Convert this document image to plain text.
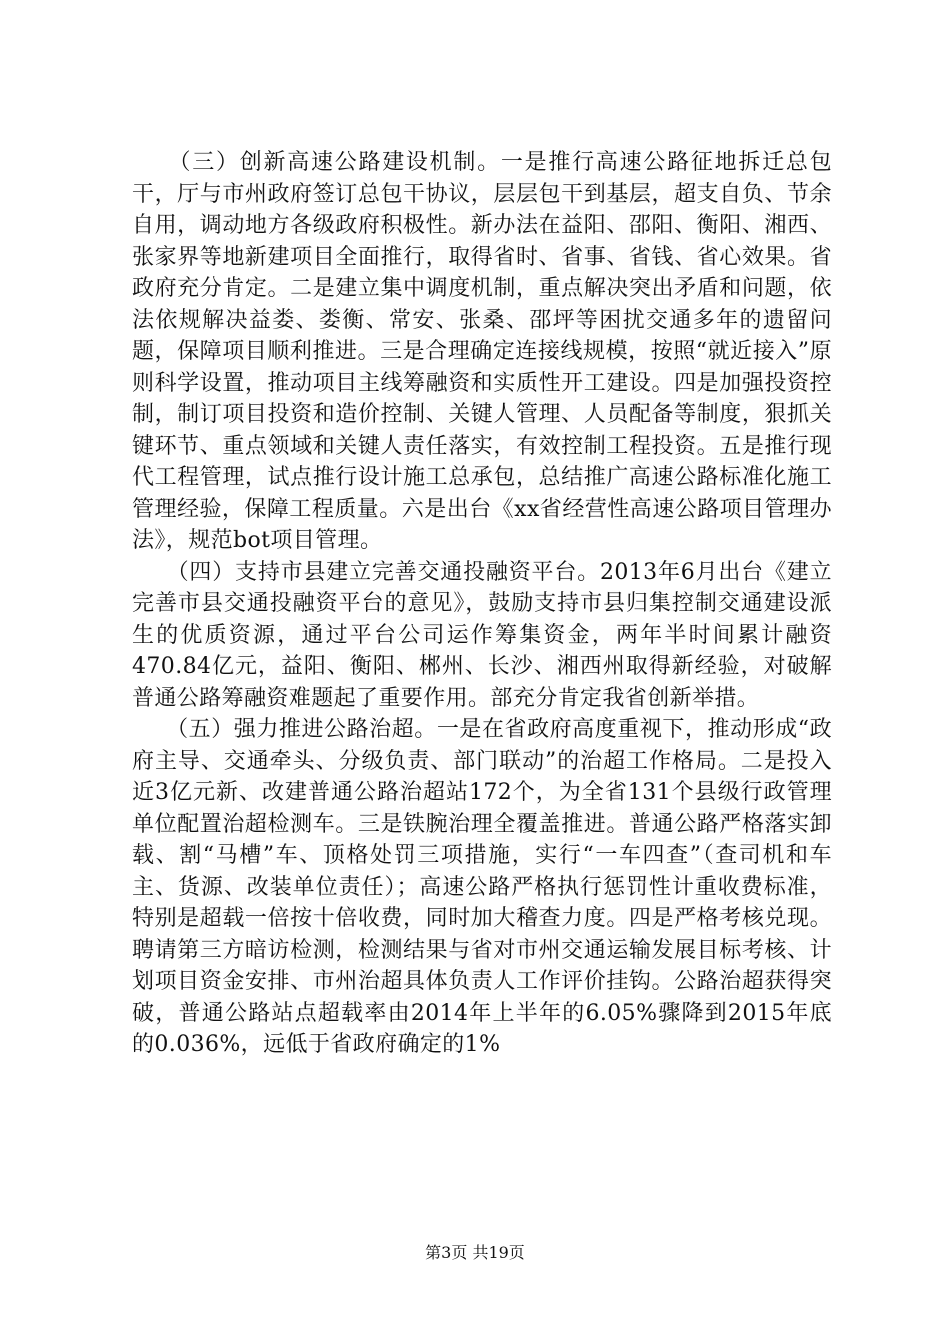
　　（三）创新高速公路建设机制。一是推行高速公路征地拆迁总包干，厅与市州政府签订总包干协议，层层包干到基层，超支自负、节余自用，调动地方各级政府积极性。新办法在益阳、邵阳、衡阳、湘西、张家界等地新建项目全面推行，取得省时、省事、省钱、省心效果。省政府充分肯定。二是建立集中调度机制，重点解决突出矛盾和问题，依法依规解决益娄、娄衡、常安、张桑、邵坪等困扰交通多年的遗留问题，保障项目顺利推进。三是合理确定连接线规模，按照“就近接入”原则科学设置，推动项目主线筹融资和实质性开工建设。四是加强投资控制，制订项目投资和造价控制、关键人管理、人员配备等制度，狠抓关键环节、重点领域和关键人责任落实，有效控制工程投资。五是推行现代工程管理，试点推行设计施工总承包，总结推广高速公路标准化施工管理经验，保障工程质量。六是出台《xx省经营性高速公路项目管理办法》，规范bot项目管理。

　　（四）支持市县建立完善交通投融资平台。2013年6月出台《建立完善市县交通投融资平台的意见》，鼓励支持市县归集控制交通建设派生的优质资源，通过平台公司运作筹集资金，两年半时间累计融资470.84亿元，益阳、衡阳、郴州、长沙、湘西州取得新经验，对破解普通公路筹融资难题起了重要作用。部充分肯定我省创新举措。

　　（五）强力推进公路治超。一是在省政府高度重视下，推动形成“政府主导、交通牵头、分级负责、部门联动”的治超工作格局。二是投入近3亿元新、改建普通公路治超站172个，为全省131个县级行政管理单位配置治超检测车。三是铁腕治理全覆盖推进。普通公路严格落实卸载、割“马槽”车、顶格处罚三项措施，实行“一车四查”（查司机和车主、货源、改装单位责任）；高速公路严格执行惩罚性计重收费标准，特别是超载一倍按十倍收费，同时加大稽查力度。四是严格考核兑现。聘请第三方暗访检测，检测结果与省对市州交通运输发展目标考核、计划项目资金安排、市州治超具体负责人工作评价挂钩。公路治超获得突破，普通公路站点超载率由2014年上半年的6.05%骤降到2015年底的0.036%，远低于省政府确定的1%

第3页 共19页
